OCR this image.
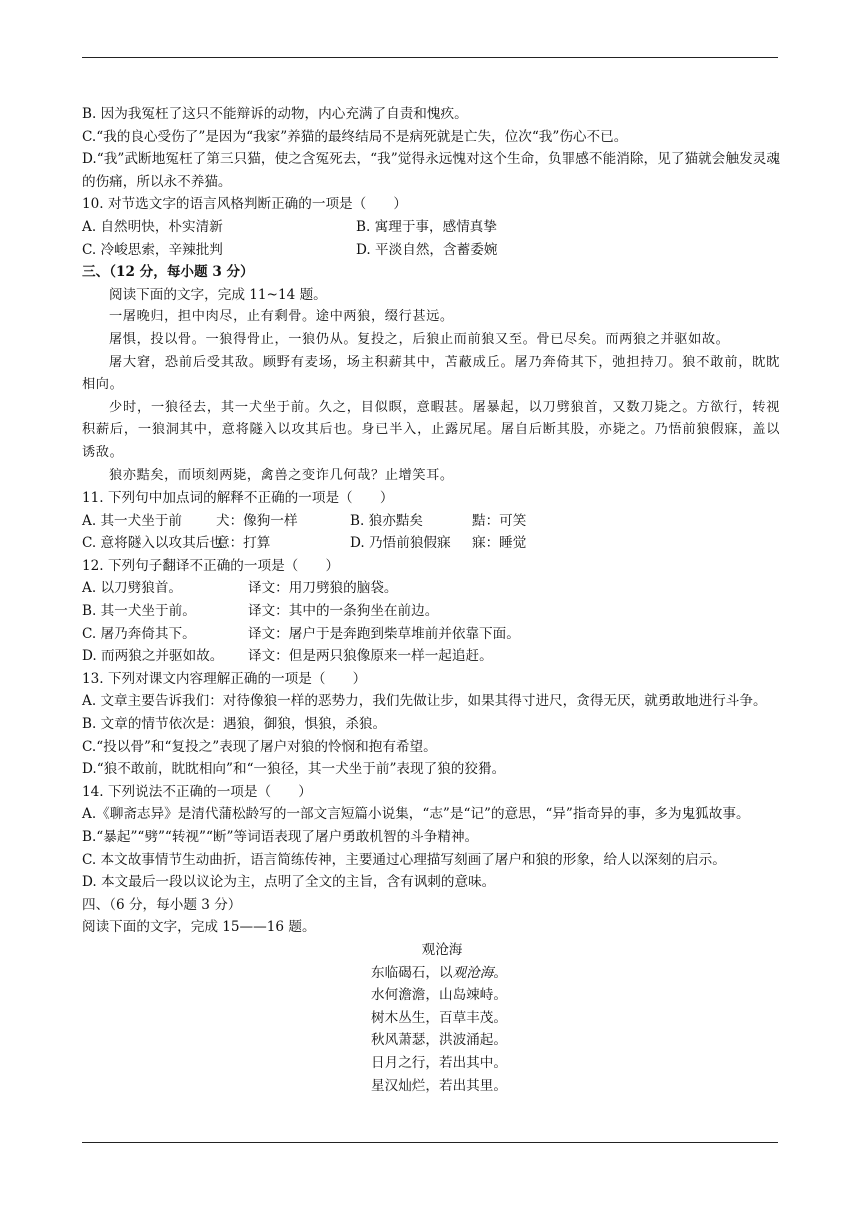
B. 因为我冤枉了这只不能辩诉的动物，内心充满了自责和愧疚。
C.“我的良心受伤了”是因为“我家”养猫的最终结局不是病死就是亡失，位次“我”伤心不已。
D.“我”武断地冤枉了第三只猫，使之含冤死去，“我”觉得永远愧对这个生命，负罪感不能消除，见了猫就会触发灵魂的伤痛，所以永不养猫。
10. 对节选文字的语言风格判断正确的一项是（　　）
A. 自然明快，朴实清新	B. 寓理于事，感情真挚
C. 冷峻思索，辛辣批判	D. 平淡自然，含蓄委婉
三、（12 分，每小题 3 分）
阅读下面的文字，完成 11~14 题。
一屠晚归，担中肉尽，止有剩骨。途中两狼，缀行甚远。
屠惧，投以骨。一狼得骨止，一狼仍从。复投之，后狼止而前狼又至。骨已尽矣。而两狼之并驱如故。
屠大窘，恐前后受其敌。顾野有麦场，场主积薪其中，苫蔽成丘。屠乃奔倚其下，弛担持刀。狼不敢前，眈眈相向。
少时，一狼径去，其一犬坐于前。久之，目似瞑，意暇甚。屠暴起，以刀劈狼首，又数刀毙之。方欲行，转视积薪后，一狼洞其中，意将隧入以攻其后也。身已半入，止露尻尾。屠自后断其股，亦毙之。乃悟前狼假寐，盖以诱敌。
狼亦黠矣，而顷刻两毙，禽兽之变诈几何哉？止增笑耳。
11. 下列句中加点词的解释不正确的一项是（　　）
A. 其一犬坐于前 犬：像狗一样	B. 狼亦黠矣	黠：可笑
C. 意将隧入以攻其后也意：打算	D. 乃悟前狼假寐 寐：睡觉
12. 下列句子翻译不正确的一项是（　　）
A. 以刀劈狼首。	译文：用刀劈狼的脑袋。
B. 其一犬坐于前。	译文：其中的一条狗坐在前边。
C. 屠乃奔倚其下。	译文：屠户于是奔跑到柴草堆前并依靠下面。
D. 而两狼之并驱如故。 译文：但是两只狼像原来一样一起追赶。
13. 下列对课文内容理解正确的一项是（　　）
A. 文章主要告诉我们：对待像狼一样的恶势力，我们先做让步，如果其得寸进尺，贪得无厌，就勇敢地进行斗争。
B. 文章的情节依次是：遇狼，御狼，惧狼，杀狼。
C.“投以骨”和“复投之”表现了屠户对狼的怜悯和抱有希望。
D.“狼不敢前，眈眈相向”和“一狼径，其一犬坐于前”表现了狼的狡猾。
14. 下列说法不正确的一项是（　　）
A.《聊斋志异》是清代蒲松龄写的一部文言短篇小说集，“志”是“记”的意思，“异”指奇异的事，多为鬼狐故事。
B.“暴起”“劈”“转视”“断”等词语表现了屠户勇敢机智的斗争精神。
C. 本文故事情节生动曲折，语言简练传神，主要通过心理描写刻画了屠户和狼的形象，给人以深刻的启示。
D. 本文最后一段以议论为主，点明了全文的主旨，含有讽刺的意味。
四、（6 分，每小题 3 分）
阅读下面的文字，完成 15——16 题。
观沧海
东临碣石，以观沧海。
水何澹澹，山岛竦峙。
树木丛生，百草丰茂。
秋风萧瑟，洪波涌起。
日月之行，若出其中。
星汉灿烂，若出其里。
